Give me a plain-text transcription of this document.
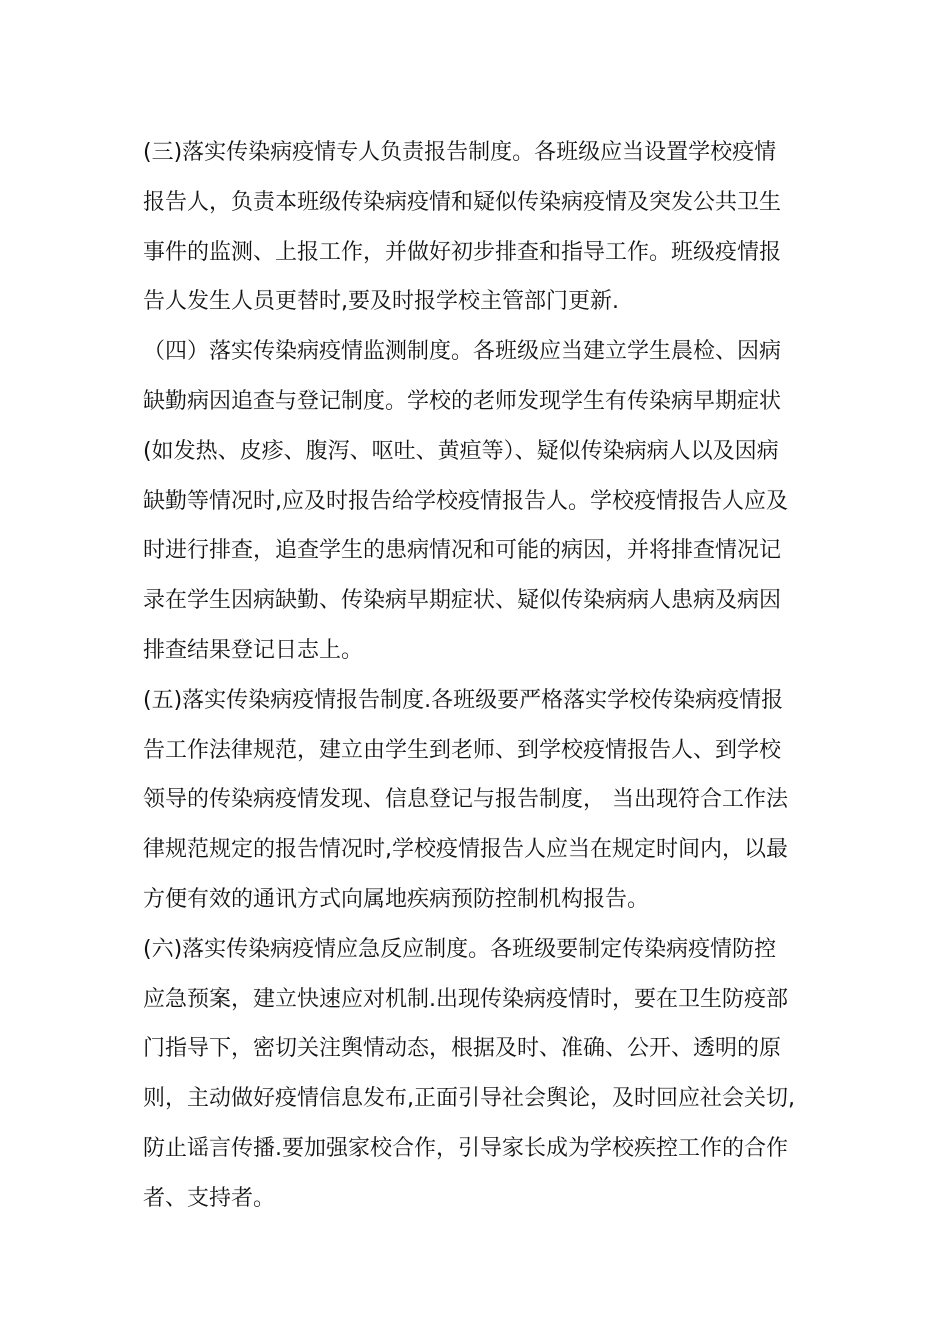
(三)落实传染病疫情专人负责报告制度。各班级应当设置学校疫情
报告人，负责本班级传染病疫情和疑似传染病疫情及突发公共卫生
事件的监测、上报工作，并做好初步排查和指导工作。班级疫情报
告人发生人员更替时,要及时报学校主管部门更新.
（四）落实传染病疫情监测制度。各班级应当建立学生晨检、因病
缺勤病因追查与登记制度。学校的老师发现学生有传染病早期症状
(如发热、皮疹、腹泻、呕吐、黄疸等）、疑似传染病病人以及因病
缺勤等情况时,应及时报告给学校疫情报告人。学校疫情报告人应及
时进行排查，追查学生的患病情况和可能的病因，并将排查情况记
录在学生因病缺勤、传染病早期症状、疑似传染病病人患病及病因
排查结果登记日志上。
(五)落实传染病疫情报告制度.各班级要严格落实学校传染病疫情报
告工作法律规范，建立由学生到老师、到学校疫情报告人、到学校
领导的传染病疫情发现、信息登记与报告制度， 当出现符合工作法
律规范规定的报告情况时,学校疫情报告人应当在规定时间内，以最
方便有效的通讯方式向属地疾病预防控制机构报告。
(六)落实传染病疫情应急反应制度。各班级要制定传染病疫情防控
应急预案，建立快速应对机制.出现传染病疫情时，要在卫生防疫部
门指导下，密切关注舆情动态，根据及时、准确、公开、透明的原
则，主动做好疫情信息发布,正面引导社会舆论，及时回应社会关切,
防止谣言传播.要加强家校合作，引导家长成为学校疾控工作的合作
者、支持者。
